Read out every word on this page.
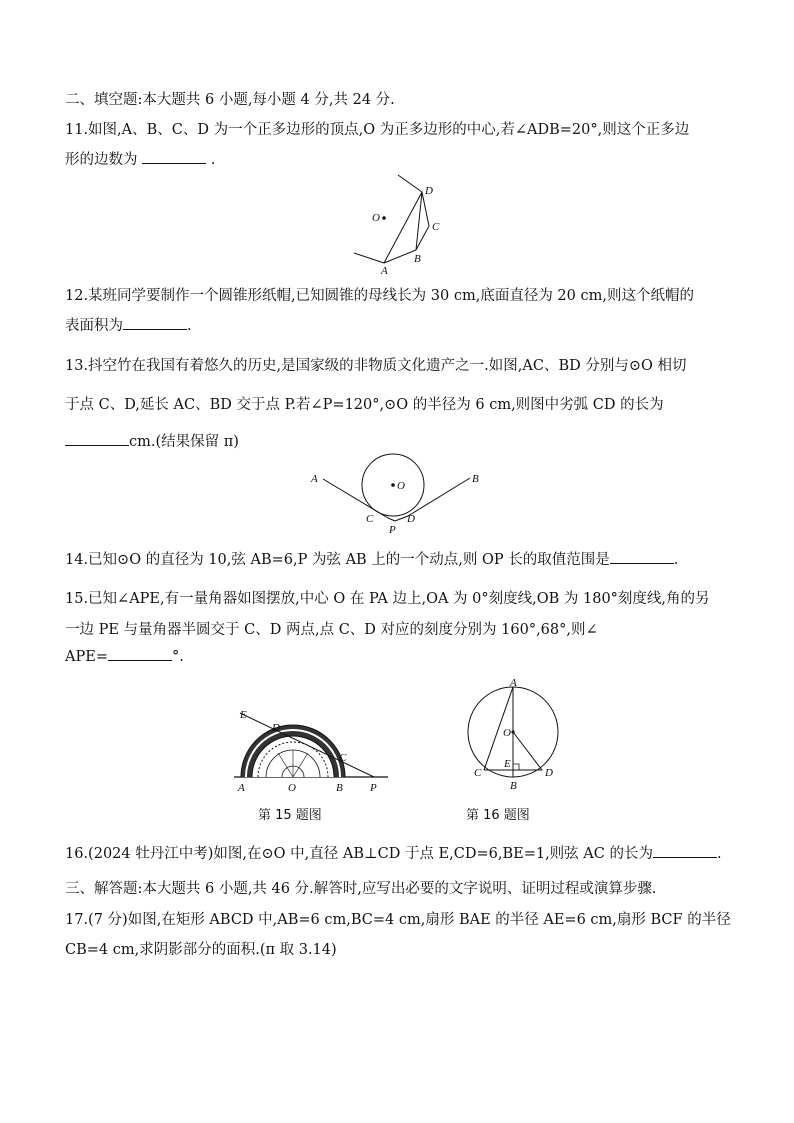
二、填空题:本大题共 6 小题,每小题 4 分,共 24 分.
11.如图,A、B、C、D 为一个正多边形的顶点,O 为正多边形的中心,若∠ADB=20°,则这个正多边
形的边数为	.
O
D
C
B
A
12.某班同学要制作一个圆锥形纸帽,已知圆锥的母线长为 30 cm,底面直径为 20 cm,则这个纸帽的
表面积为	.
13.抖空竹在我国有着悠久的历史,是国家级的非物质文化遗产之一.如图,AC、BD 分别与⊙O 相切
于点 C、D,延长 AC、BD 交于点 P.若∠P=120°,⊙O 的半径为 6 cm,则图中劣弧 CD 的长为
cm.(结果保留 π)
A	B
O
C
P
D
14.已知⊙O 的直径为 10,弦 AB=6,P 为弦 AB 上的一个动点,则 OP 长的取值范围是	.
15.已知∠APE,有一量角器如图摆放,中心 O 在 PA 边上,OA 为 0°刻度线,OB 为 180°刻度线,角的另
一边 PE 与量角器半圆交于 C、D 两点,点 C、D 对应的刻度分别为 160°,68°,则∠
APE=	°.
E
D
C
A	O	B P
第 15 题图
A
O
E
C	D
B
第 16 题图
16.(2024 牡丹江中考)如图,在⊙O 中,直径 AB⊥CD 于点 E,CD=6,BE=1,则弦 AC 的长为	.
三、解答题:本大题共 6 小题,共 46 分.解答时,应写出必要的文字说明、证明过程或演算步骤.
17.(7 分)如图,在矩形 ABCD 中,AB=6 cm,BC=4 cm,扇形 BAE 的半径 AE=6 cm,扇形 BCF 的半径
CB=4 cm,求阴影部分的面积.(π 取 3.14)
